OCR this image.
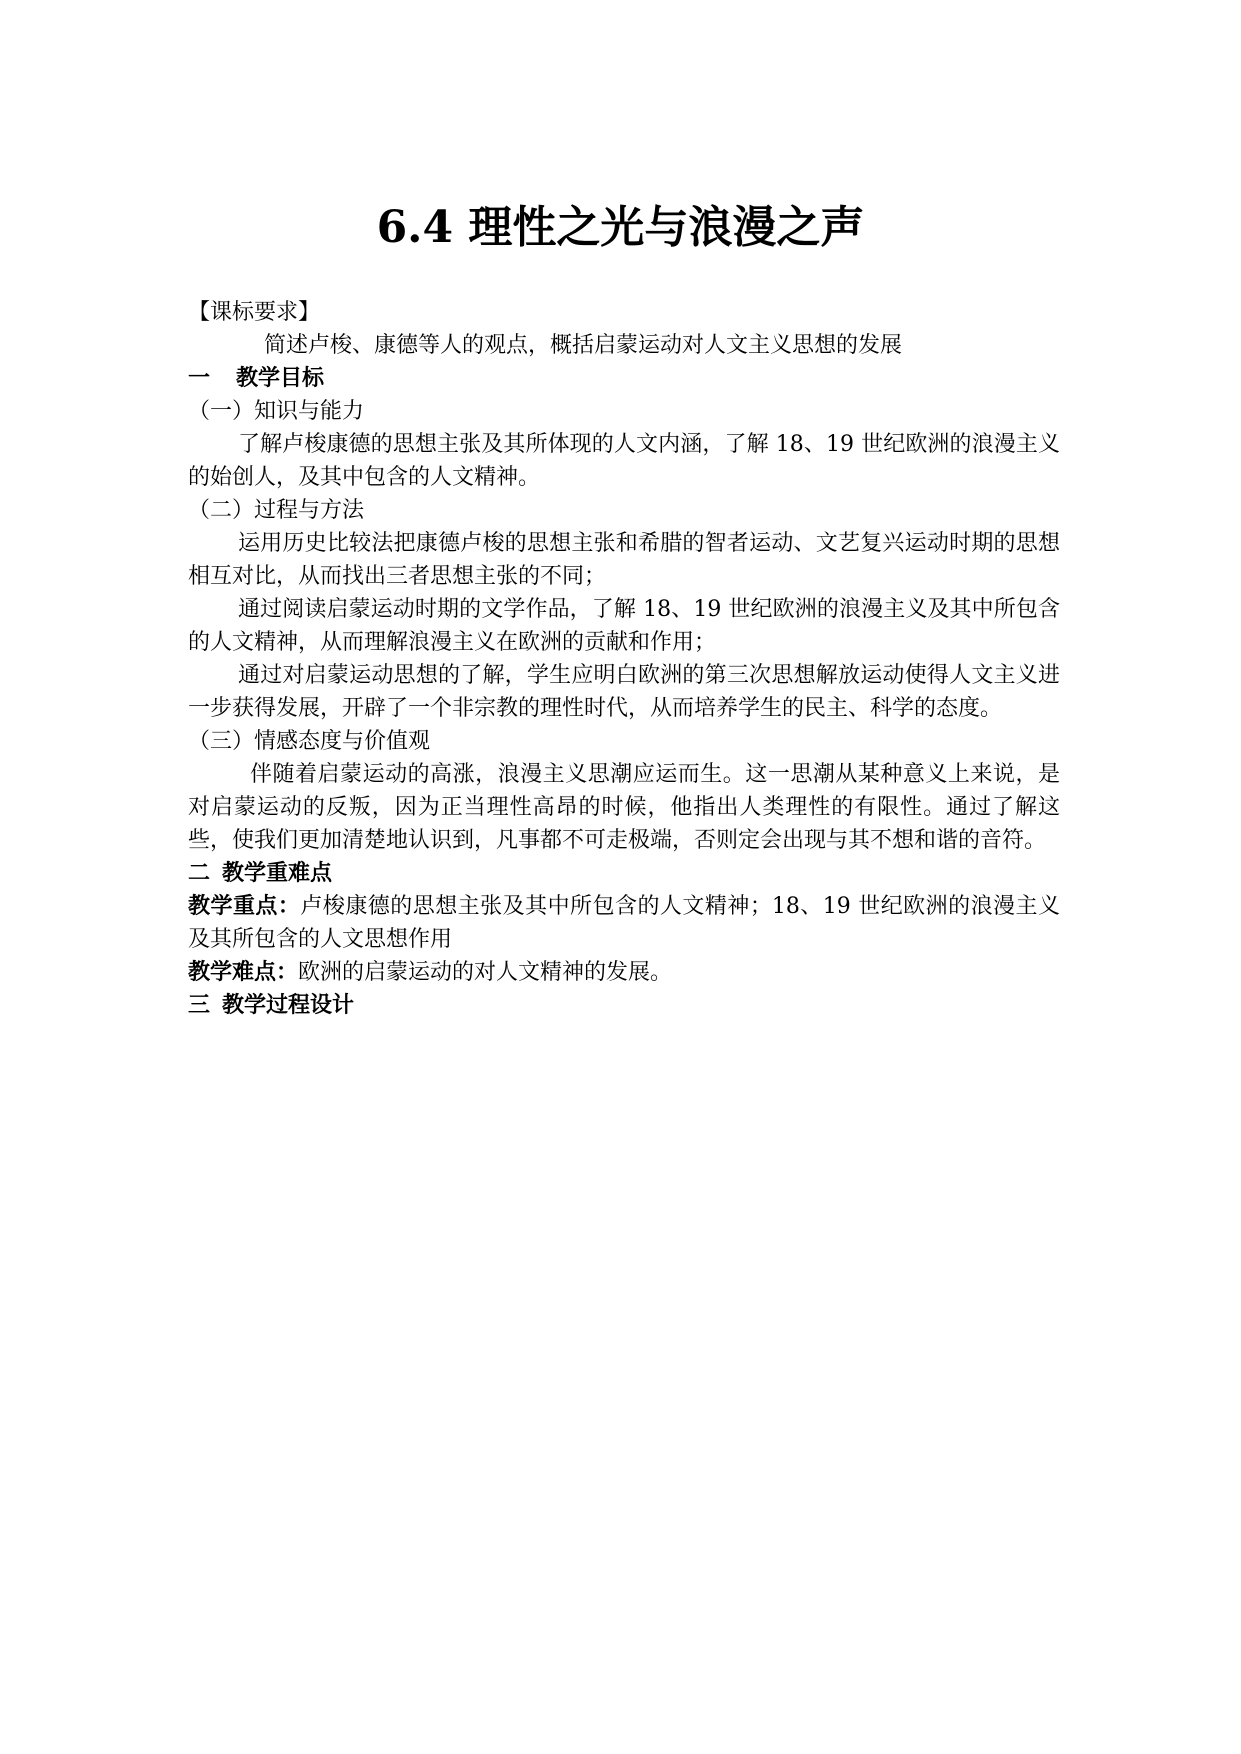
6.4 理性之光与浪漫之声
【课标要求】
简述卢梭、康德等人的观点，概括启蒙运动对人文主义思想的发展
一 教学目标
（一）知识与能力

了解卢梭康德的思想主张及其所体现的人文内涵，了解 18、19 世纪欧洲的浪漫主义的始创人，及其中包含的人文精神。

（二）过程与方法

运用历史比较法把康德卢梭的思想主张和希腊的智者运动、文艺复兴运动时期的思想相互对比，从而找出三者思想主张的不同；

通过阅读启蒙运动时期的文学作品，了解 18、19 世纪欧洲的浪漫主义及其中所包含的人文精神，从而理解浪漫主义在欧洲的贡献和作用；

通过对启蒙运动思想的了解，学生应明白欧洲的第三次思想解放运动使得人文主义进一步获得发展，开辟了一个非宗教的理性时代，从而培养学生的民主、科学的态度。

（三）情感态度与价值观

伴随着启蒙运动的高涨，浪漫主义思潮应运而生。这一思潮从某种意义上来说，是对启蒙运动的反叛，因为正当理性高昂的时候，他指出人类理性的有限性。通过了解这些，使我们更加清楚地认识到，凡事都不可走极端，否则定会出现与其不想和谐的音符。

二 教学重难点

教学重点：卢梭康德的思想主张及其中所包含的人文精神；18、19 世纪欧洲的浪漫主义及其所包含的人文思想作用

教学难点：欧洲的启蒙运动的对人文精神的发展。

三 教学过程设计
